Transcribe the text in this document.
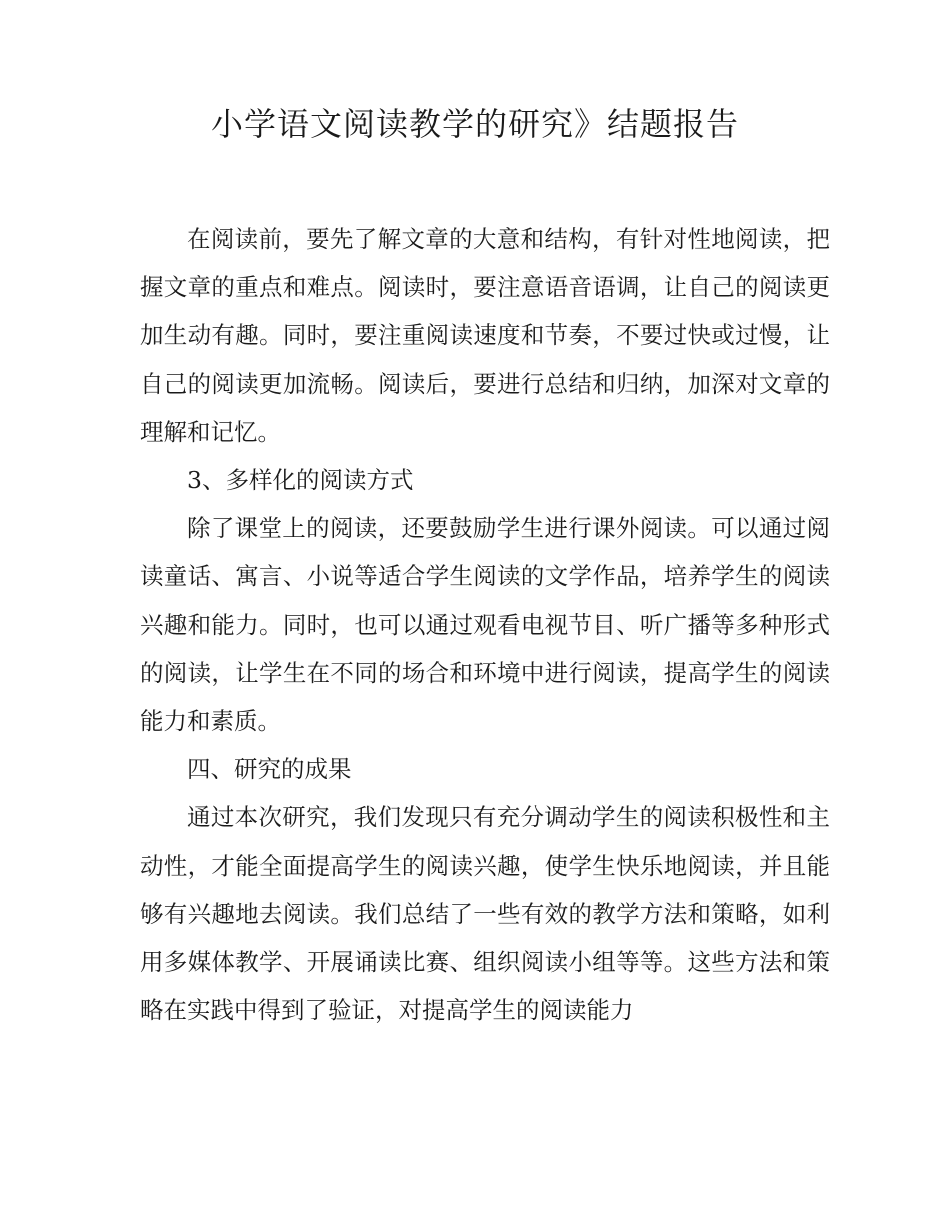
小学语文阅读教学的研究》结题报告

在阅读前，要先了解文章的大意和结构，有针对性地阅读，把握文章的重点和难点。阅读时，要注意语音语调，让自己的阅读更加生动有趣。同时，要注重阅读速度和节奏，不要过快或过慢，让自己的阅读更加流畅。阅读后，要进行总结和归纳，加深对文章的理解和记忆。

3、多样化的阅读方式

除了课堂上的阅读，还要鼓励学生进行课外阅读。可以通过阅读童话、寓言、小说等适合学生阅读的文学作品，培养学生的阅读兴趣和能力。同时，也可以通过观看电视节目、听广播等多种形式的阅读，让学生在不同的场合和环境中进行阅读，提高学生的阅读能力和素质。

四、研究的成果

通过本次研究，我们发现只有充分调动学生的阅读积极性和主动性，才能全面提高学生的阅读兴趣，使学生快乐地阅读，并且能够有兴趣地去阅读。我们总结了一些有效的教学方法和策略，如利用多媒体教学、开展诵读比赛、组织阅读小组等等。这些方法和策略在实践中得到了验证，对提高学生的阅读能力
